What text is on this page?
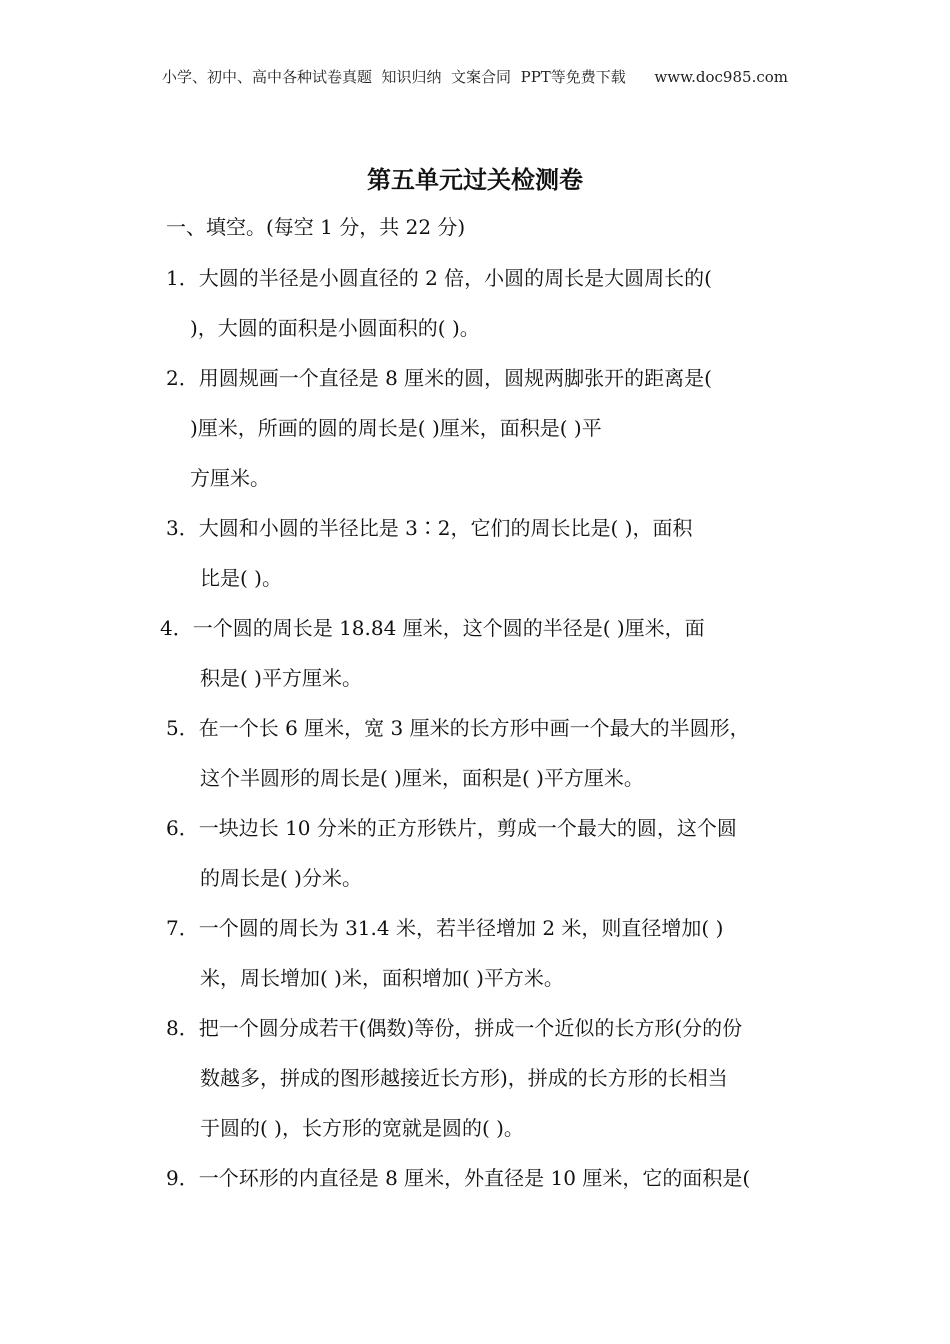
小学、初中、高中各种试卷真题  知识归纳  文案合同  PPT等免费下载      www.doc985.com
第五单元过关检测卷
一、填空。(每空 1 分，共 22 分)
1．大圆的半径是小圆直径的 2 倍，小圆的周长是大圆周长的(
)，大圆的面积是小圆面积的( )。
2．用圆规画一个直径是 8 厘米的圆，圆规两脚张开的距离是(
)厘米，所画的圆的周长是( )厘米，面积是( )平
方厘米。
3．大圆和小圆的半径比是 3∶2，它们的周长比是( )，面积
比是( )。
4．一个圆的周长是 18.84 厘米，这个圆的半径是( )厘米，面
积是( )平方厘米。
5．在一个长 6 厘米，宽 3 厘米的长方形中画一个最大的半圆形，
这个半圆形的周长是( )厘米，面积是( )平方厘米。
6．一块边长 10 分米的正方形铁片，剪成一个最大的圆，这个圆
的周长是( )分米。
7．一个圆的周长为 31.4 米，若半径增加 2 米，则直径增加( )
米，周长增加( )米，面积增加( )平方米。
8．把一个圆分成若干(偶数)等份，拼成一个近似的长方形(分的份
数越多，拼成的图形越接近长方形)，拼成的长方形的长相当
于圆的( )，长方形的宽就是圆的( )。
9．一个环形的内直径是 8 厘米，外直径是 10 厘米，它的面积是(
